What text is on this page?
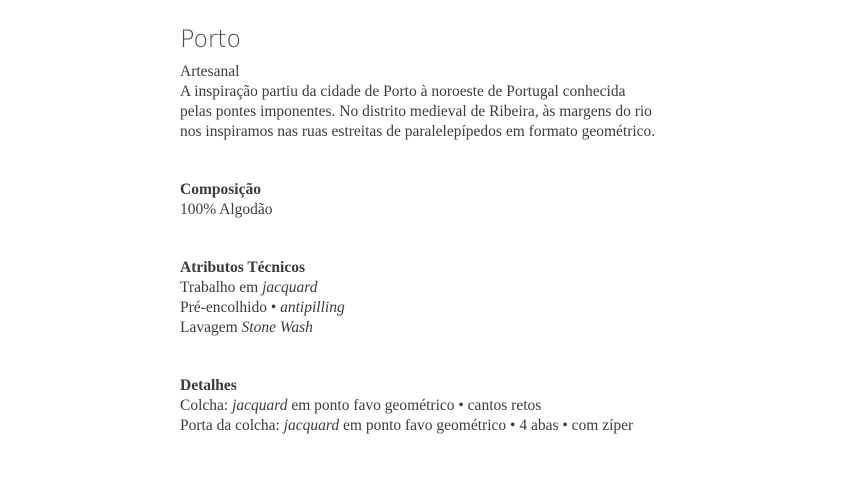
Porto
Artesanal

A inspiração partiu da cidade de Porto à noroeste de Portugal conhecida pelas pontes imponentes. No distrito medieval de Ribeira, às margens do rio nos inspiramos nas ruas estreitas de paralelepípedos em formato geométrico.

Composição
100% Algodão
Atributos Técnicos
Trabalho em jacquard
Pré-encolhido • antipilling
Lavagem Stone Wash
Detalhes
Colcha: jacquard em ponto favo geométrico • cantos retos
Porta da colcha: jacquard em ponto favo geométrico • 4 abas • com zíper
